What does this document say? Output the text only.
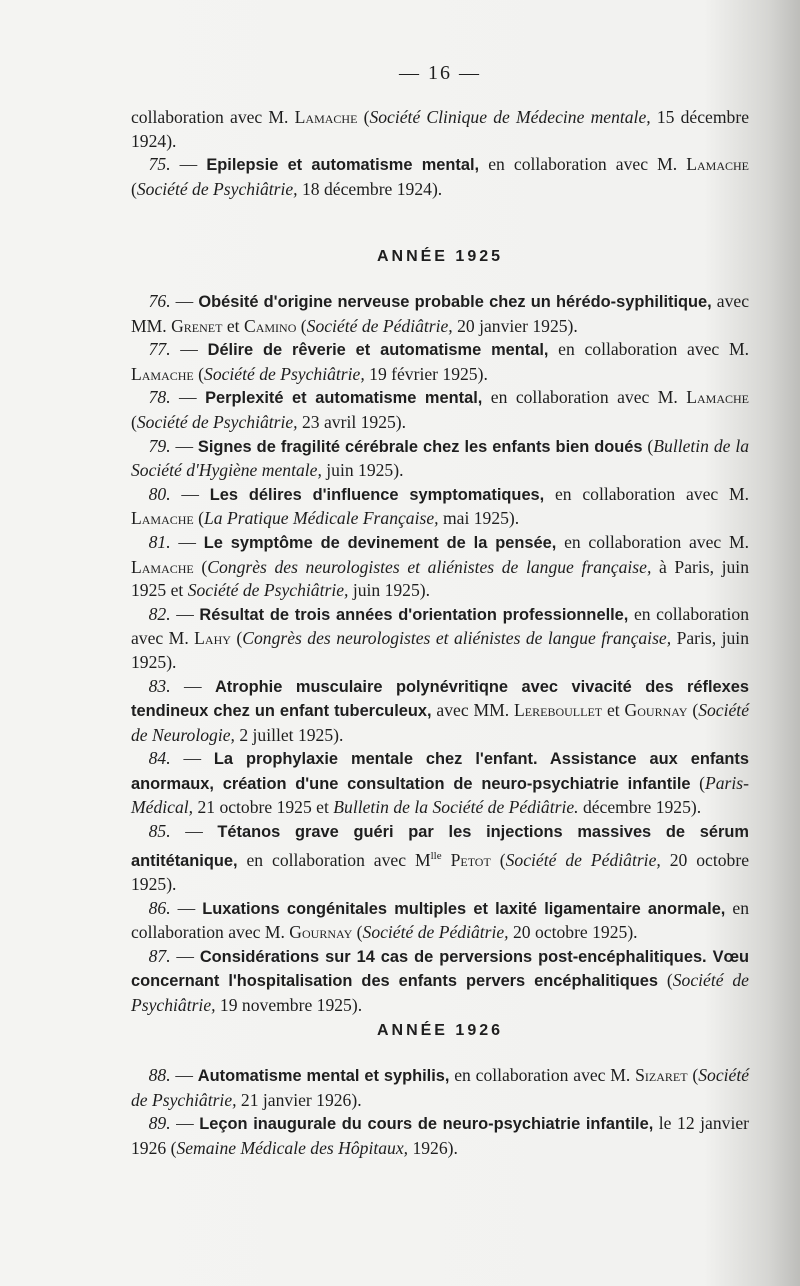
— 16 —

collaboration avec M. Lamache (Société Clinique de Médecine mentale, 15 décembre 1924).

 75. — Epilepsie et automatisme mental, en collaboration avec M. Lamache (Société de Psychiâtrie, 18 décembre 1924).

ANNÉE 1925

 76. — Obésité d'origine nerveuse probable chez un hérédo-syphilitique, avec MM. Grenet et Camino (Société de Pédiâtrie, 20 janvier 1925).

 77. — Délire de rêverie et automatisme mental, en collaboration avec M. Lamache (Société de Psychiâtrie, 19 février 1925).

 78. — Perplexité et automatisme mental, en collaboration avec M. Lamache (Société de Psychiâtrie, 23 avril 1925).

 79. — Signes de fragilité cérébrale chez les enfants bien doués (Bulletin de la Société d'Hygiène mentale, juin 1925).

 80. — Les délires d'influence symptomatiques, en collaboration avec M. Lamache (La Pratique Médicale Française, mai 1925).

 81. — Le symptôme de devinement de la pensée, en collaboration avec M. Lamache (Congrès des neurologistes et aliénistes de langue française, à Paris, juin 1925 et Société de Psychiâtrie, juin 1925).

 82. — Résultat de trois années d'orientation professionnelle, en collaboration avec M. Lahy (Congrès des neurologistes et aliénistes de langue française, Paris, juin 1925).

 83. — Atrophie musculaire polynévritiqne avec vivacité des réflexes tendineux chez un enfant tuberculeux, avec MM. Lereboullet et Gournay (Société de Neurologie, 2 juillet 1925).

 84. — La prophylaxie mentale chez l'enfant. Assistance aux enfants anormaux, création d'une consultation de neuro-psychiatrie infantile (Paris-Médical, 21 octobre 1925 et Bulletin de la Société de Pédiâtrie. décembre 1925).

 85. — Tétanos grave guéri par les injections massives de sérum antitétanique, en collaboration avec $M^{lle}$ Petot (Société de Pédiâtrie, 20 octobre 1925).

 86. — Luxations congénitales multiples et laxité ligamentaire anormale, en collaboration avec M. Gournay (Société de Pédiâtrie, 20 octobre 1925).

 87. — Considérations sur 14 cas de perversions post-encéphalitiques. Vœu concernant l'hospitalisation des enfants pervers encéphalitiques (Société de Psychiâtrie, 19 novembre 1925).

ANNÉE 1926

 88. — Automatisme mental et syphilis, en collaboration avec M. Sizaret (Société de Psychiâtrie, 21 janvier 1926).

 89. — Leçon inaugurale du cours de neuro-psychiatrie infantile, le 12 janvier 1926 (Semaine Médicale des Hôpitaux, 1926).
